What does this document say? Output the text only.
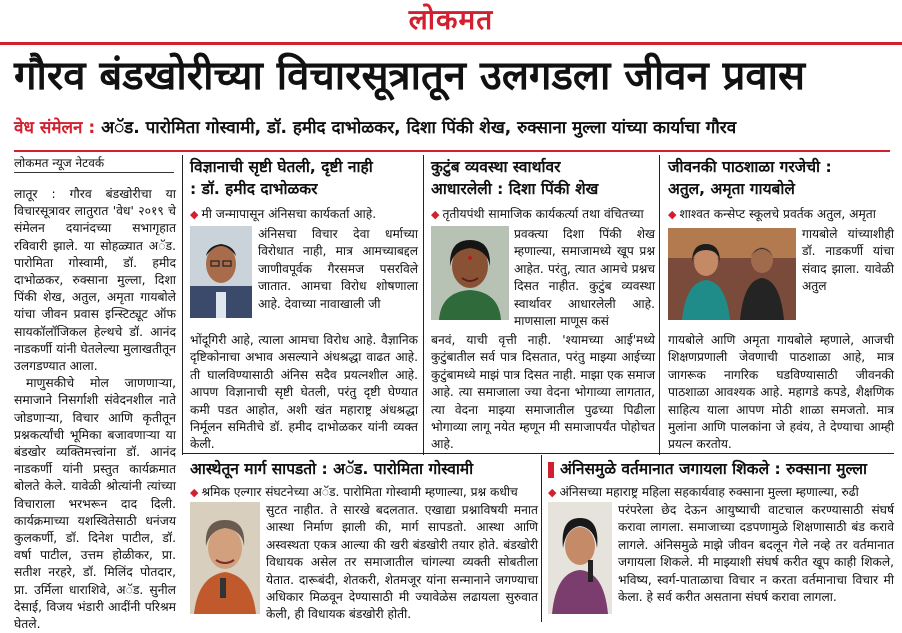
लोकमत
गौरव बंडखोरीच्या विचारसूत्रातून उलगडला जीवन प्रवास
वेध संमेलन : अॅड. पारोमिता गोस्वामी, डॉ. हमीद दाभोळकर, दिशा पिंकी शेख, रुक्साना मुल्ला यांच्या कार्याचा गौरव
लोकमत न्यूज नेटवर्क

लातूर : गौरव बंडखोरीचा या विचारसूत्रावर लातुरात 'वेध' २०१९ चे संमेलन दयानंदच्या सभागृहात रविवारी झाले. या सोहळ्यात अॅड. पारोमिता गोस्वामी, डॉ. हमीद दाभोळकर, रुक्साना मुल्ला, दिशा पिंकी शेख, अतुल, अमृता गायबोले यांचा जीवन प्रवास इन्स्टिट्यूट ऑफ सायकॉलॉजिकल हेल्थचे डॉ. आनंद नाडकर्णी यांनी घेतलेल्या मुलाखतीतून उलगडण्यात आला.

माणुसकीचे मोल जाणणाऱ्या, समाजाने निसर्गाशी संवेदनशील नाते जोडणाऱ्या, विचार आणि कृतीतून प्रश्नकर्त्यांची भूमिका बजावणाऱ्या या बंडखोर व्यक्तिमत्त्वांना डॉ. आनंद नाडकर्णी यांनी प्रस्तुत कार्यक्रमात बोलते केले. यावेळी श्रोत्यांनी त्यांच्या विचाराला भरभरून दाद दिली. कार्यक्रमाच्या यशस्वितेसाठी धनंजय कुलकर्णी, डॉ. दिनेश पाटील, डॉ. वर्षा पाटील, उत्तम होळीकर, प्रा. सतीश नरहरे, डॉ. मिलिंद पोतदार, प्रा. उर्मिला धाराशिवे, अॅड. सुनील देसाई, विजय भंडारी आदींनी परिश्रम घेतले.

विज्ञानाची सृष्टी घेतली, दृष्टी नाही
: डॉ. हमीद दाभोळकर
◆ मी जन्मापासून अंनिसचा कार्यकर्ता आहे.
अंनिसचा विचार देवा धर्माच्या विरोधात नाही, मात्र आमच्याबद्दल जाणीवपूर्वक गैरसमज पसरविले जातात. आमचा विरोध शोषणाला आहे. देवाच्या नावाखाली जी
भोंदूगिरी आहे, त्याला आमचा विरोध आहे. वैज्ञानिक दृष्टिकोनाचा अभाव असल्याने अंधश्रद्धा वाढत आहे. ती घालविण्यासाठी अंनिस सदैव प्रयत्नशील आहे. आपण विज्ञानाची सृष्टी घेतली, परंतु दृष्टी घेण्यात कमी पडत आहोत, अशी खंत महाराष्ट्र अंधश्रद्धा निर्मूलन समितीचे डॉ. हमीद दाभोळकर यांनी व्यक्त केली.
कुटुंब व्यवस्था स्वार्थावर
आधारलेली : दिशा पिंकी शेख
◆ तृतीयपंथी सामाजिक कार्यकर्त्या तथा वंचितच्या
प्रवक्त्या दिशा पिंकी शेख म्हणाल्या, समाजामध्ये खूप प्रश्न आहेत. परंतु, त्यात आमचे प्रश्नच दिसत नाहीत. कुटुंब व्यवस्था स्वार्थावर आधारलेली आहे. माणसाला माणूस कसं
बनवं, याची वृत्ती नाही. 'श्यामच्या आई'मध्ये कुटुंबातील सर्व पात्र दिसतात, परंतु माझ्या आईच्या कुटुंबामध्ये माझं पात्र दिसत नाही. माझा एक समाज आहे. त्या समाजाला ज्या वेदना भोगाव्या लागतात, त्या वेदना माझ्या समाजातील पुढच्या पिढीला भोगाव्या लागू नयेत म्हणून मी समाजापर्यंत पोहोचत आहे.
जीवनकी पाठशाळा गरजेची :
अतुल, अमृता गायबोले
◆ शाश्वत कन्सेप्ट स्कूलचे प्रवर्तक अतुल, अमृता
गायबोले यांच्याशीही डॉ. नाडकर्णी यांचा संवाद झाला. यावेळी अतुल
गायबोले आणि अमृता गायबोले म्हणाले, आजची शिक्षणप्रणाली जेवणाची पाठशाळा आहे, मात्र जागरूक नागरिक घडविण्यासाठी जीवनकी पाठशाळा आवश्यक आहे. महागडे कपडे, शैक्षणिक साहित्य याला आपण मोठी शाळा समजतो. मात्र मुलांना आणि पालकांना जे हवंय, ते देण्याचा आम्ही प्रयत्न करतोय.
आस्थेतून मार्ग सापडतो : अॅड. पारोमिता गोस्वामी
◆ श्रमिक एल्गार संघटनेच्या अॅड. पारोमिता गोस्वामी म्हणाल्या, प्रश्न कधीच
सुटत नाहीत. ते सारखे बदलतात. एखाद्या प्रश्नाविषयी मनात आस्था निर्माण झाली की, मार्ग सापडतो. आस्था आणि अस्वस्थता एकत्र आल्या की खरी बंडखोरी तयार होते. बंडखोरी विधायक असेल तर समाजातील चांगल्या व्यक्ती सोबतीला येतात. दारूबंदी, शेतकरी, शेतमजूर यांना सन्मानाने जगण्याचा अधिकार मिळवून देण्यासाठी मी ज्यावेळेस लढायला सुरुवात केली, ही विधायक बंडखोरी होती.
अंनिसमुळे वर्तमानात जगायला शिकले : रुक्साना मुल्ला
◆ अंनिसच्या महाराष्ट्र महिला सहकार्यवाह रुक्साना मुल्ला म्हणाल्या, रुढी
परंपरेला छेद देऊन आयुष्याची वाटचाल करण्यासाठी संघर्ष करावा लागला. समाजाच्या दडपणामुळे शिक्षणासाठी बंड करावे लागले. अंनिसमुळे माझे जीवन बदलून गेले नव्हे तर वर्तमानात जगायला शिकले. मी माझ्याशी संघर्ष करीत खूप काही शिकले, भविष्य, स्वर्ग-पाताळाचा विचार न करता वर्तमानाचा विचार मी केला. हे सर्व करीत असताना संघर्ष करावा लागला.
